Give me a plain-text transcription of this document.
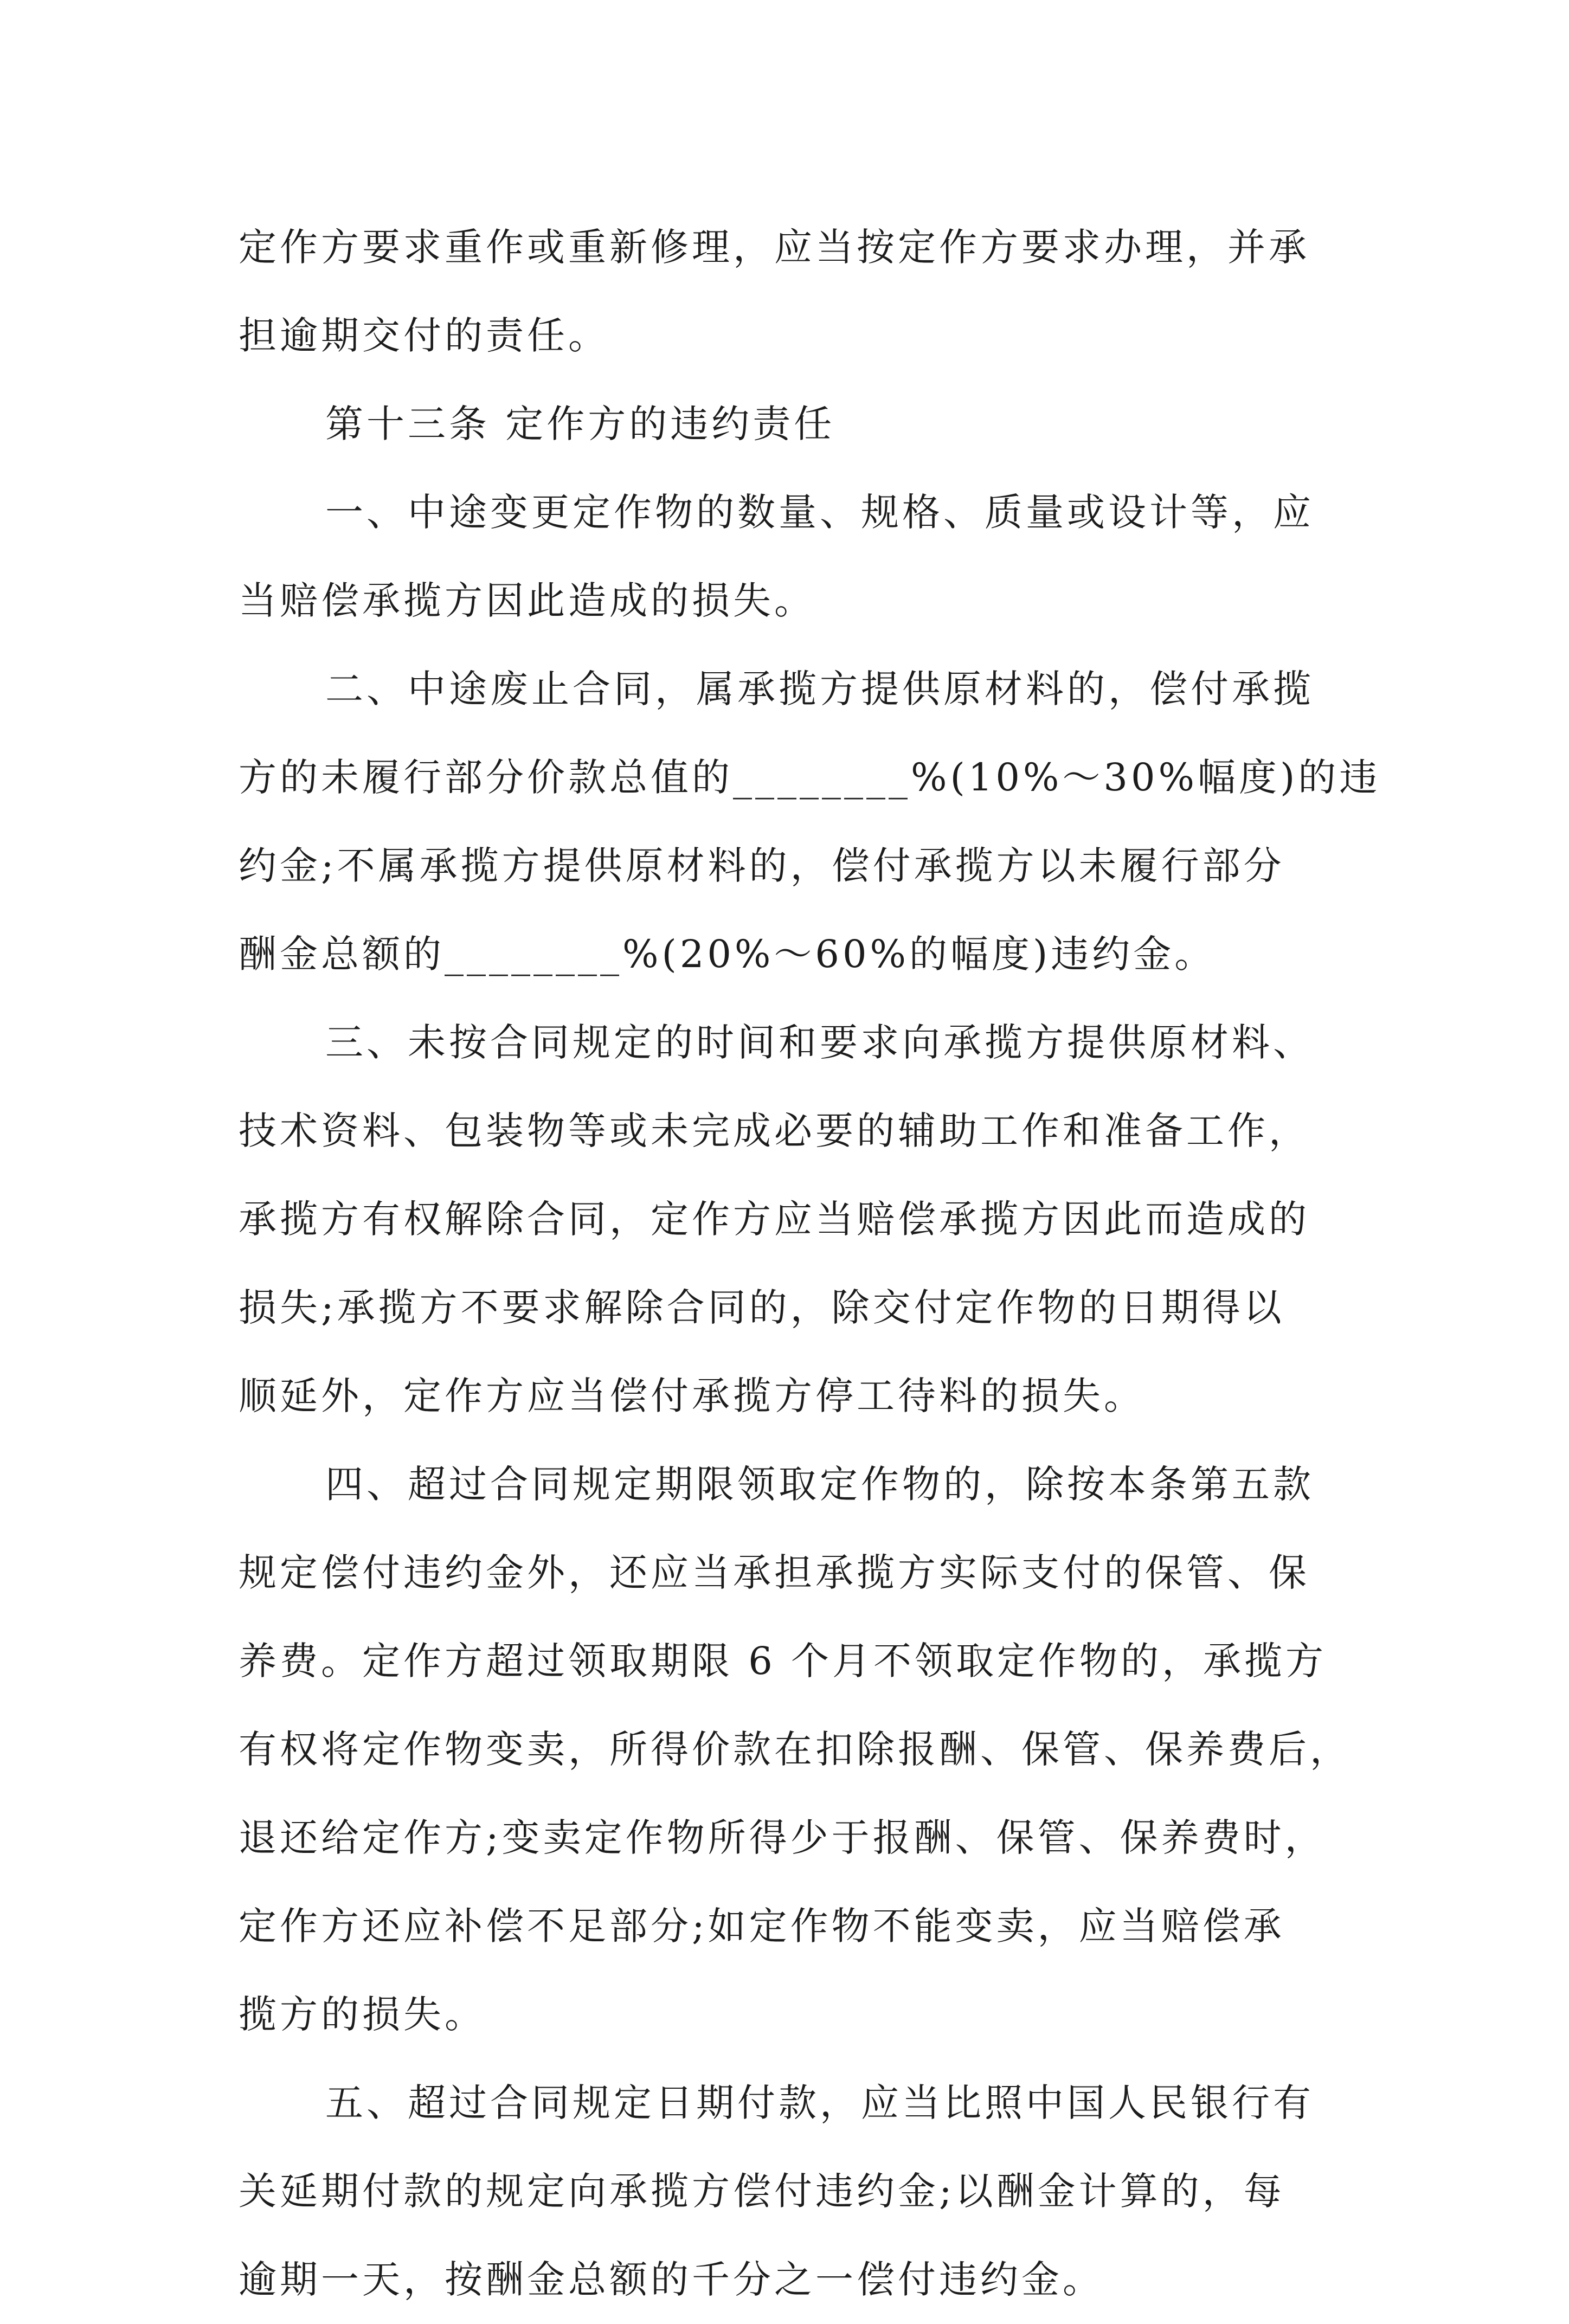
定作方要求重作或重新修理，应当按定作方要求办理，并承

担逾期交付的责任。

第十三条 定作方的违约责任

一、中途变更定作物的数量、规格、质量或设计等，应

当赔偿承揽方因此造成的损失。

二、中途废止合同，属承揽方提供原材料的，偿付承揽

方的未履行部分价款总值的________%(10%～30%幅度)的违

约金;不属承揽方提供原材料的，偿付承揽方以未履行部分

酬金总额的________%(20%～60%的幅度)违约金。

三、未按合同规定的时间和要求向承揽方提供原材料、

技术资料、包装物等或未完成必要的辅助工作和准备工作，

承揽方有权解除合同，定作方应当赔偿承揽方因此而造成的

损失;承揽方不要求解除合同的，除交付定作物的日期得以

顺延外，定作方应当偿付承揽方停工待料的损失。

四、超过合同规定期限领取定作物的，除按本条第五款

规定偿付违约金外，还应当承担承揽方实际支付的保管、保

养费。定作方超过领取期限 6 个月不领取定作物的，承揽方

有权将定作物变卖，所得价款在扣除报酬、保管、保养费后，

退还给定作方;变卖定作物所得少于报酬、保管、保养费时，

定作方还应补偿不足部分;如定作物不能变卖，应当赔偿承

揽方的损失。

五、超过合同规定日期付款，应当比照中国人民银行有

关延期付款的规定向承揽方偿付违约金;以酬金计算的，每

逾期一天，按酬金总额的千分之一偿付违约金。
